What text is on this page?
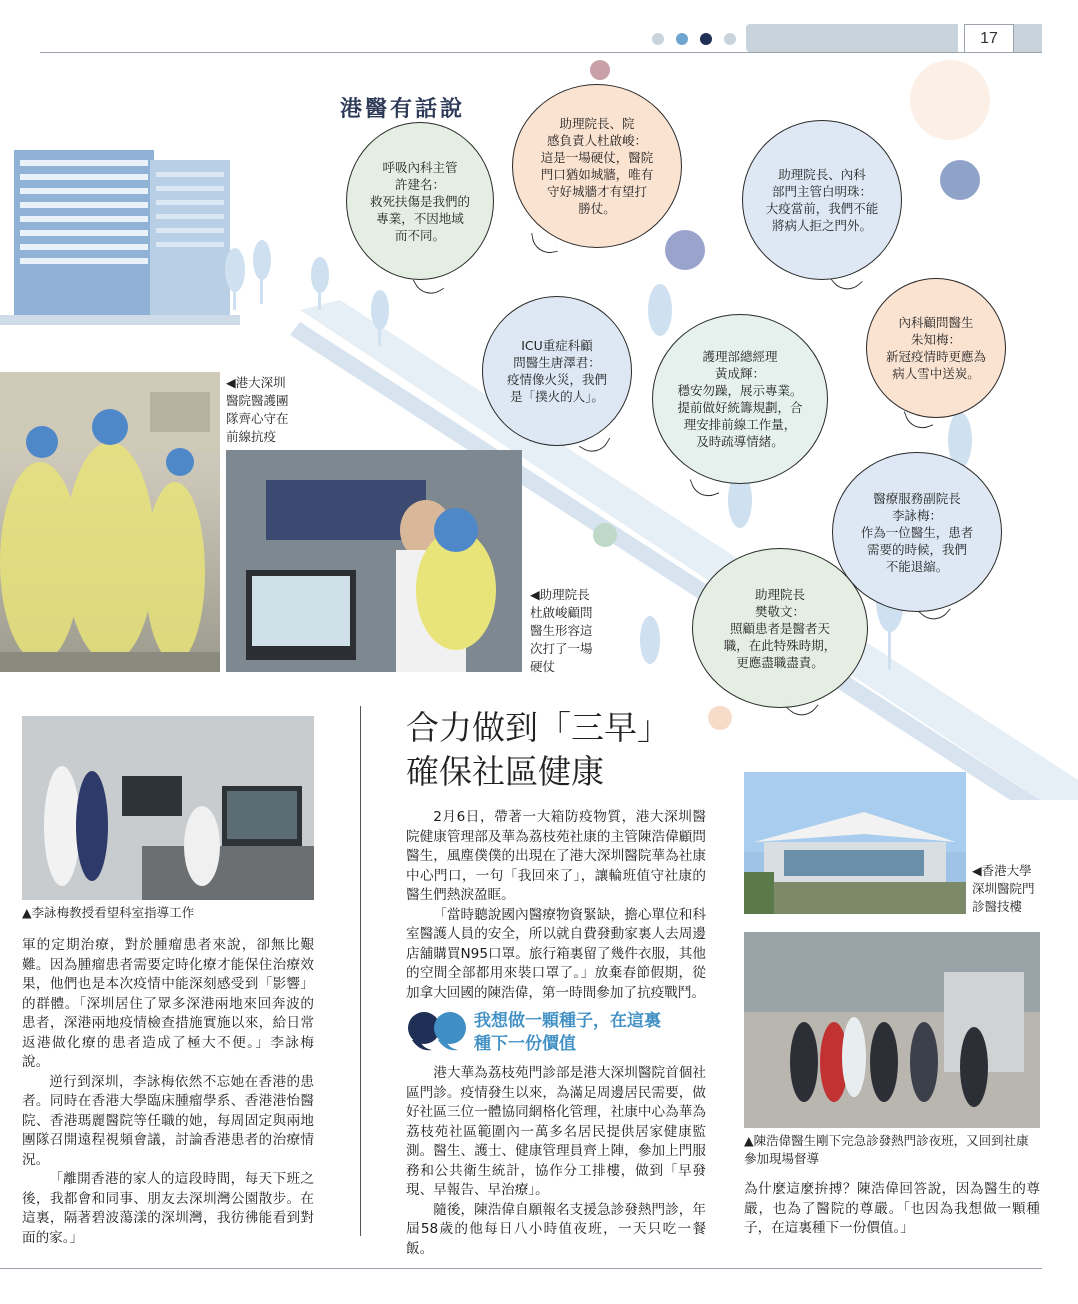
17
港醫有話說
呼吸內科主管
許建名：
救死扶傷是我們的
專業，不因地域
而不同。
助理院長、院
感負責人杜啟峻：
這是一場硬仗，醫院
門口猶如城牆，唯有
守好城牆才有望打
勝仗。
助理院長、內科
部門主管白明珠：
大疫當前，我們不能
將病人拒之門外。
ICU重症科顧
問醫生唐澤君：
疫情像火災，我們
是「撲火的人」。
護理部總經理
黃成輝：
穩安勿躁，展示專業。
提前做好統籌規劃，合
理安排前線工作量，
及時疏導情緒。
內科顧問醫生
朱知梅：
新冠疫情時更應為
病人雪中送炭。
醫療服務副院長
李詠梅：
作為一位醫生，患者
需要的時候，我們
不能退縮。
助理院長
樊敬文：
照顧患者是醫者天
職，在此特殊時期，
更應盡職盡責。
◀港大深圳
醫院醫護團
隊齊心守在
前線抗疫
◀助理院長
杜啟峻顧問
醫生形容這
次打了一場
硬仗
▲李詠梅教授看望科室指導工作

軍的定期治療，對於腫瘤患者來說，卻無比艱難。因為腫瘤患者需要定時化療才能保住治療效果，他們也是本次疫情中能深刻感受到「影響」的群體。「深圳居住了眾多深港兩地來回奔波的患者，深港兩地疫情檢查措施實施以來，給日常返港做化療的患者造成了極大不便。」李詠梅說。

逆行到深圳，李詠梅依然不忘她在香港的患者。同時在香港大學臨床腫瘤學系、香港港怡醫院、香港瑪麗醫院等任職的她，每周固定與兩地團隊召開遠程視頻會議，討論香港患者的治療情況。

「離開香港的家人的這段時間，每天下班之後，我都會和同事、朋友去深圳灣公園散步。在這裏，隔著碧波蕩漾的深圳灣，我彷彿能看到對面的家。」

合力做到「三早」
確保社區健康

2月6日，帶著一大箱防疫物質，港大深圳醫院健康管理部及華為荔枝苑社康的主管陳浩偉顧問醫生，風塵僕僕的出現在了港大深圳醫院華為社康中心門口，一句「我回來了」，讓輪班值守社康的醫生們熱淚盈眶。

「當時聽說國內醫療物資緊缺，擔心單位和科室醫護人員的安全，所以就自費發動家裏人去周邊店舖購買N95口罩。旅行箱裏留了幾件衣服，其他的空間全部都用來裝口罩了。」放棄春節假期，從加拿大回國的陳浩偉，第一時間參加了抗疫戰鬥。

我想做一顆種子，在這裏
種下一份價值

港大華為荔枝苑門診部是港大深圳醫院首個社區門診。疫情發生以來，為滿足周邊居民需要，做好社區三位一體協同網格化管理，社康中心為華為荔枝苑社區範圍內一萬多名居民提供居家健康監測。醫生、護士、健康管理員齊上陣，參加上門服務和公共衛生統計，協作分工排樓，做到「早發現、早報告、早治療」。

隨後，陳浩偉自願報名支援急診發熱門診，年屆58歲的他每日八小時值夜班，一天只吃一餐飯。

◀香港大學
深圳醫院門
診醫技樓
▲陳浩偉醫生剛下完急診發熱門診夜班，又回到社康
參加現場督導

為什麼這麼拚搏？陳浩偉回答說，因為醫生的尊嚴，也為了醫院的尊嚴。「也因為我想做一顆種子，在這裏種下一份價值。」
